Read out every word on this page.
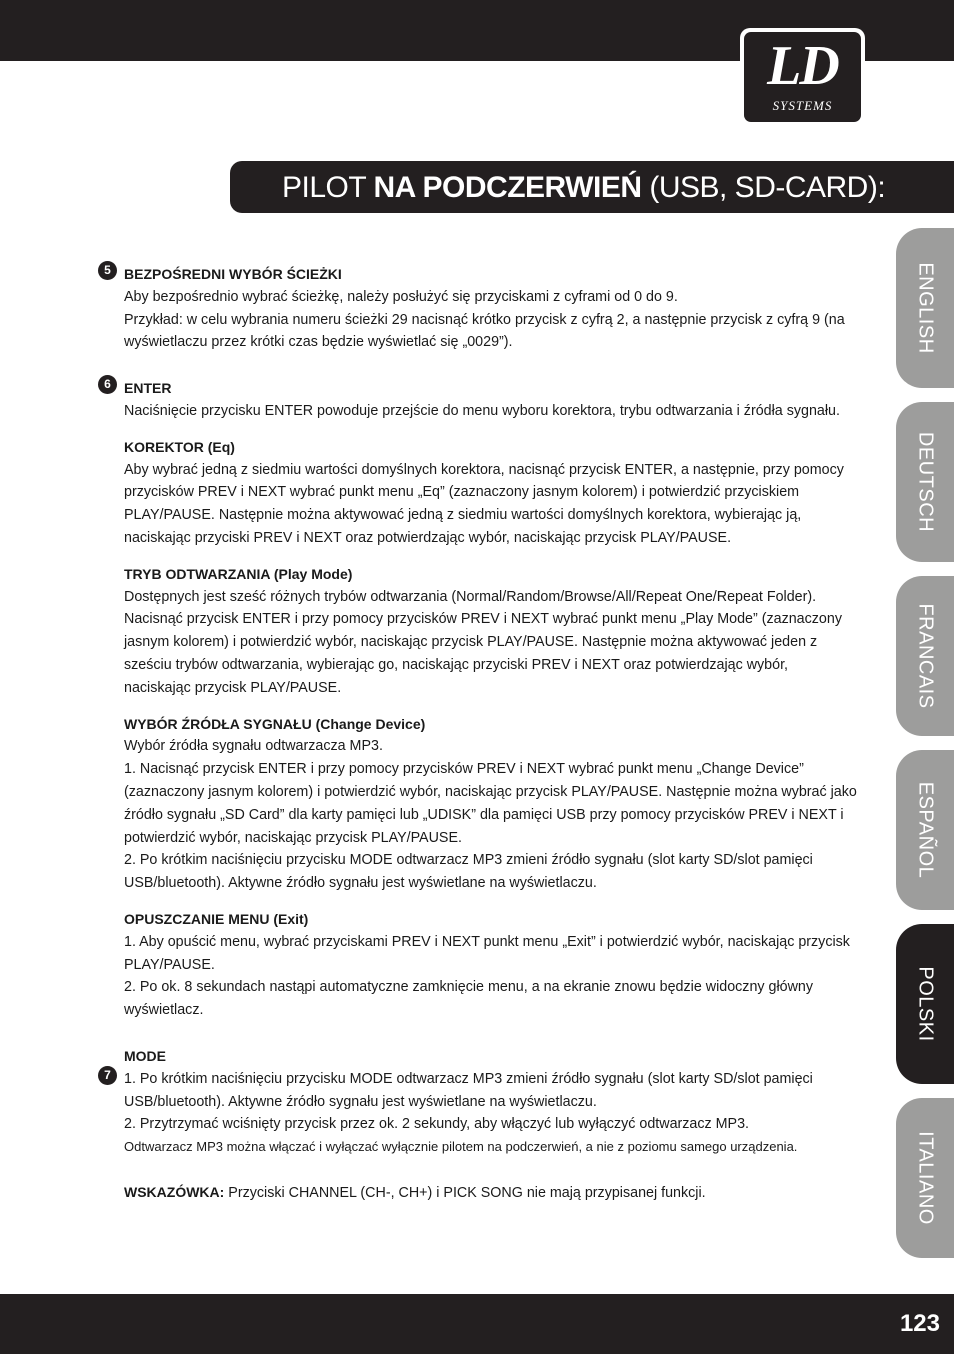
LD
SYSTEMS
PILOT NA PODCZERWIEŃ (USB, SD-CARD):
ENGLISH
DEUTSCH
FRANCAIS
ESPAÑOL
POLSKI
ITALIANO
5
6
7

BEZPOŚREDNI WYBÓR ŚCIEŻKI

Aby bezpośrednio wybrać ścieżkę, należy posłużyć się przyciskami z cyframi od 0 do 9.

Przykład: w celu wybrania numeru ścieżki 29 nacisnąć krótko przycisk z cyfrą 2, a następnie przycisk z cyfrą 9 (na wyświetlaczu przez krótki czas będzie wyświetlać się „0029”).

ENTER

Naciśnięcie przycisku ENTER powoduje przejście do menu wyboru korektora, trybu odtwarzania i źródła sygnału.

KOREKTOR (Eq)

Aby wybrać jedną z siedmiu wartości domyślnych korektora, nacisnąć przycisk ENTER, a następnie, przy pomocy przycisków PREV i NEXT wybrać punkt menu „Eq” (zaznaczony jasnym kolorem) i potwierdzić przyciskiem PLAY/PAUSE. Następnie można aktywować jedną z siedmiu wartości domyślnych korektora, wybierając ją, naciskając przyciski PREV i NEXT oraz potwierdzając wybór, naciskając przycisk PLAY/PAUSE.

TRYB ODTWARZANIA (Play Mode)

Dostępnych jest sześć różnych trybów odtwarzania (Normal/Random/Browse/All/Repeat One/Repeat Folder).

Nacisnąć przycisk ENTER i przy pomocy przycisków PREV i NEXT wybrać punkt menu „Play Mode” (zaznaczony jasnym kolorem) i potwierdzić wybór, naciskając przycisk PLAY/PAUSE. Następnie można aktywować jeden z sześciu trybów odtwarzania, wybierając go, naciskając przyciski PREV i NEXT oraz potwierdzając wybór, naciskając przycisk PLAY/PAUSE.

WYBÓR ŹRÓDŁA SYGNAŁU (Change Device)

Wybór źródła sygnału odtwarzacza MP3.

1. Nacisnąć przycisk ENTER i przy pomocy przycisków PREV i NEXT wybrać punkt menu „Change Device” (zaznaczony jasnym kolorem) i potwierdzić wybór, naciskając przycisk PLAY/PAUSE. Następnie można wybrać jako źródło sygnału „SD Card” dla karty pamięci lub „UDISK” dla pamięci USB przy pomocy przycisków PREV i NEXT i potwierdzić wybór, naciskając przycisk PLAY/PAUSE.

2. Po krótkim naciśnięciu przycisku MODE odtwarzacz MP3 zmieni źródło sygnału (slot karty SD/slot pamięci USB/bluetooth). Aktywne źródło sygnału jest wyświetlane na wyświetlaczu.

OPUSZCZANIE MENU (Exit)

1. Aby opuścić menu, wybrać przyciskami PREV i NEXT punkt menu „Exit” i potwierdzić wybór, naciskając przycisk PLAY/PAUSE.

2. Po ok. 8 sekundach nastąpi automatyczne zamknięcie menu, a na ekranie znowu będzie widoczny główny wyświetlacz.

MODE

1. Po krótkim naciśnięciu przycisku MODE odtwarzacz MP3 zmieni źródło sygnału (slot karty SD/slot pamięci USB/bluetooth). Aktywne źródło sygnału jest wyświetlane na wyświetlaczu.

2. Przytrzymać wciśnięty przycisk przez ok. 2 sekundy, aby włączyć lub wyłączyć odtwarzacz MP3.

Odtwarzacz MP3 można włączać i wyłączać wyłącznie pilotem na podczerwień, a nie z poziomu samego urządzenia.

WSKAZÓWKA: Przyciski CHANNEL (CH-, CH+) i PICK SONG nie mają przypisanej funkcji.

123
